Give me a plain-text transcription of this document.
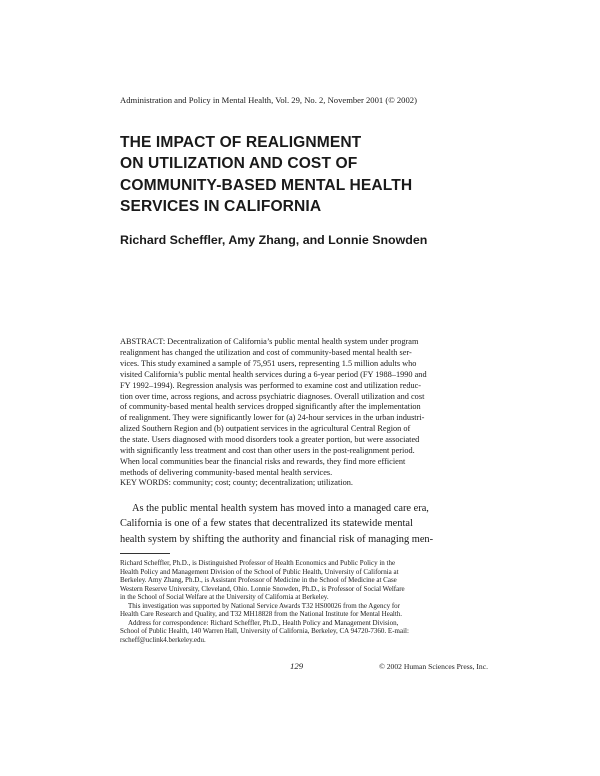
Administration and Policy in Mental Health, Vol. 29, No. 2, November 2001 (© 2002)
THE IMPACT OF REALIGNMENT
ON UTILIZATION AND COST OF
COMMUNITY-BASED MENTAL HEALTH
SERVICES IN CALIFORNIA
Richard Scheffler, Amy Zhang, and Lonnie Snowden
ABSTRACT: Decentralization of California’s public mental health system under program
realignment has changed the utilization and cost of community-based mental health ser-
vices. This study examined a sample of 75,951 users, representing 1.5 million adults who
visited California’s public mental health services during a 6-year period (FY 1988–1990 and
FY 1992–1994). Regression analysis was performed to examine cost and utilization reduc-
tion over time, across regions, and across psychiatric diagnoses. Overall utilization and cost
of community-based mental health services dropped significantly after the implementation
of realignment. They were significantly lower for (a) 24-hour services in the urban industri-
alized Southern Region and (b) outpatient services in the agricultural Central Region of
the state. Users diagnosed with mood disorders took a greater portion, but were associated
with significantly less treatment and cost than other users in the post-realignment period.
When local communities bear the financial risks and rewards, they find more efficient
methods of delivering community-based mental health services.
KEY WORDS: community; cost; county; decentralization; utilization.
As the public mental health system has moved into a managed care era,
California is one of a few states that decentralized its statewide mental
health system by shifting the authority and financial risk of managing men-
Richard Scheffler, Ph.D., is Distinguished Professor of Health Economics and Public Policy in the
Health Policy and Management Division of the School of Public Health, University of California at
Berkeley. Amy Zhang, Ph.D., is Assistant Professor of Medicine in the School of Medicine at Case
Western Reserve University, Cleveland, Ohio. Lonnie Snowden, Ph.D., is Professor of Social Welfare
in the School of Social Welfare at the University of California at Berkeley.
This investigation was supported by National Service Awards T32 HS00026 from the Agency for
Health Care Research and Quality, and T32 MH18828 from the National Institute for Mental Health.
Address for correspondence: Richard Scheffler, Ph.D., Health Policy and Management Division,
School of Public Health, 140 Warren Hall, University of California, Berkeley, CA 94720-7360. E-mail:
rscheff@uclink4.berkeley.edu.
129	© 2002 Human Sciences Press, Inc.
